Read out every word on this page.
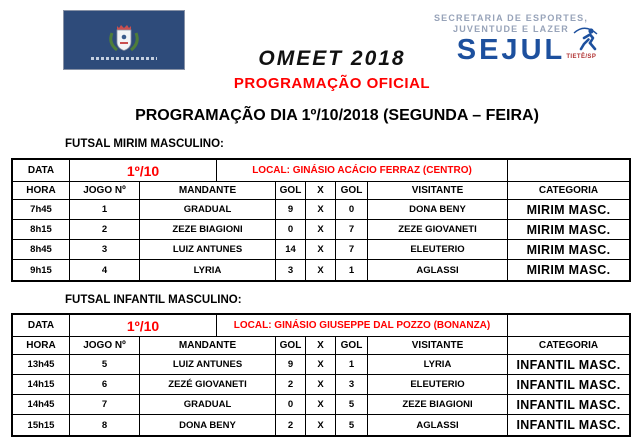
SECRETARIA DE ESPORTES,
JUVENTUDE E LAZER
SEJUL TIETÊ/SP
OMEET 2018
PROGRAMAÇÃO OFICIAL
PROGRAMAÇÃO DIA 1º/10/2018 (SEGUNDA – FEIRA)
FUTSAL MIRIM MASCULINO:
DATA	1º/10	LOCAL: GINÁSIO ACÁCIO FERRAZ (CENTRO)
HORA	JOGO Nº	MANDANTE	GOL	X	GOL	VISITANTE	CATEGORIA
7h45	1	GRADUAL	9	X	0	DONA BENY	MIRIM MASC.
8h15	2	ZEZE BIAGIONI	0	X	7	ZEZE GIOVANETI	MIRIM MASC.
8h45	3	LUIZ ANTUNES	14	X	7	ELEUTERIO	MIRIM MASC.
9h15	4	LYRIA	3	X	1	AGLASSI	MIRIM MASC.
FUTSAL INFANTIL MASCULINO:
DATA	1º/10	LOCAL: GINÁSIO GIUSEPPE DAL POZZO (BONANZA)
HORA	JOGO Nº	MANDANTE	GOL	X	GOL	VISITANTE	CATEGORIA
13h45	5	LUIZ ANTUNES	9	X	1	LYRIA	INFANTIL MASC.
14h15	6	ZEZÉ GIOVANETI	2	X	3	ELEUTERIO	INFANTIL MASC.
14h45	7	GRADUAL	0	X	5	ZEZE BIAGIONI	INFANTIL MASC.
15h15	8	DONA BENY	2	X	5	AGLASSI	INFANTIL MASC.
